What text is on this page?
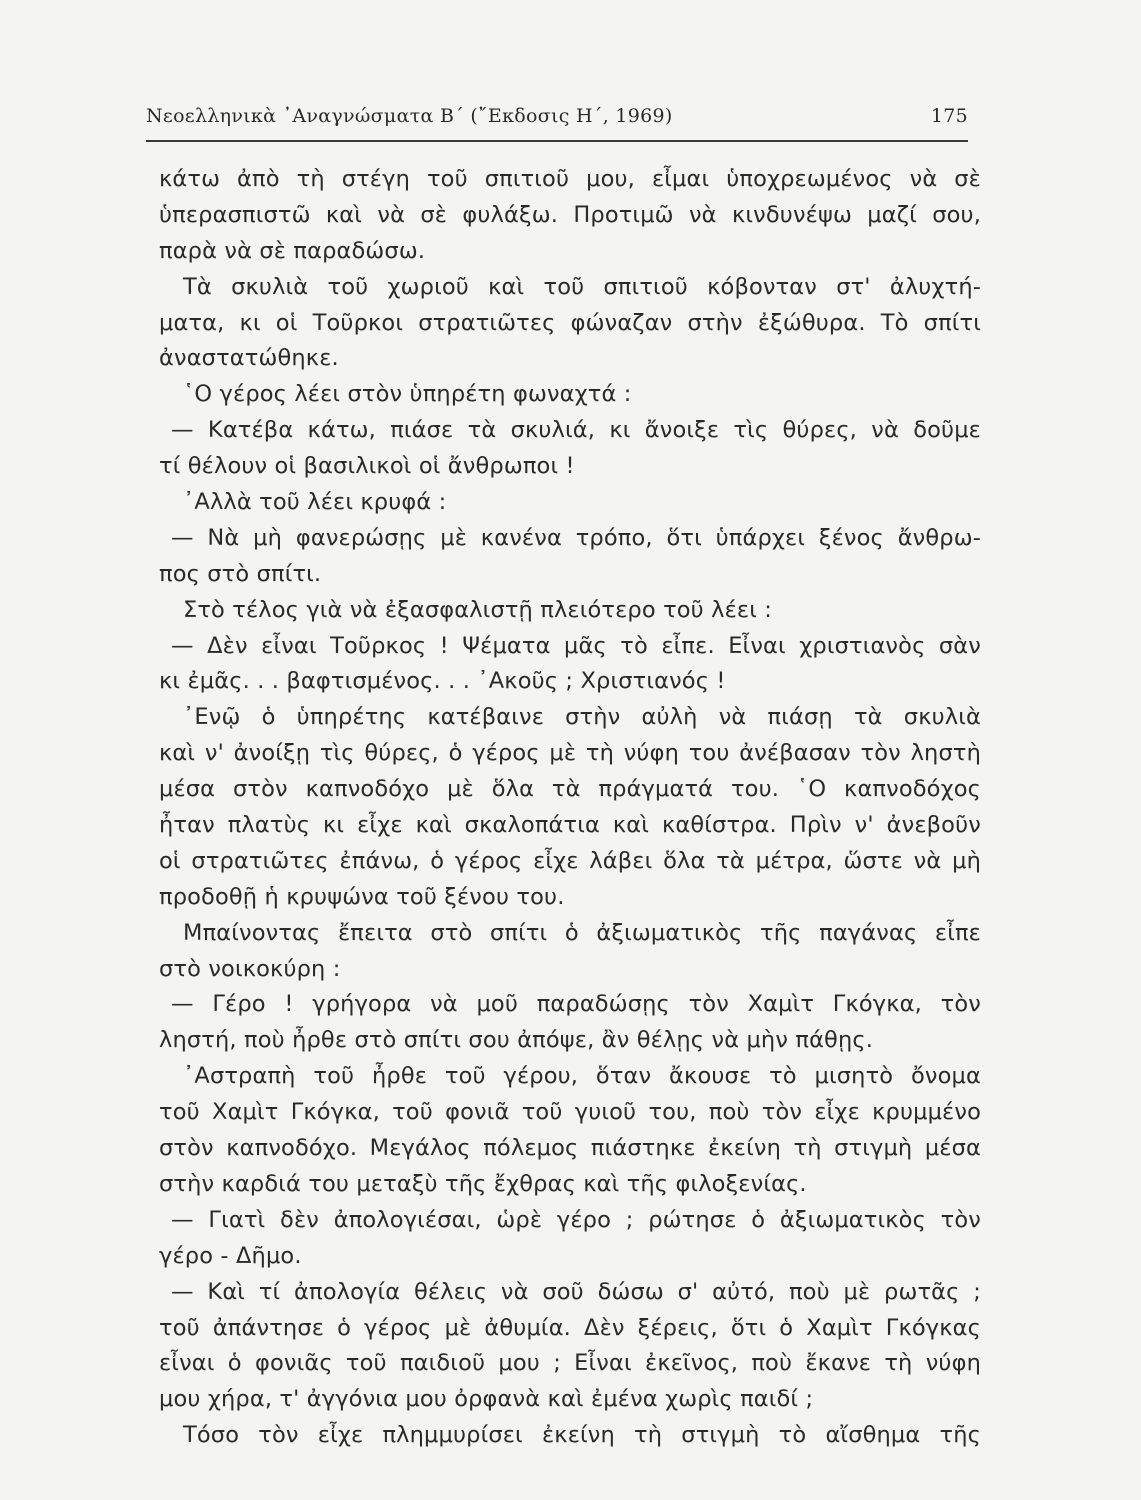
Νεοελληνικὰ ᾿Αναγνώσματα Β΄ (῎Εκδοσις Η΄, 1969)	175
κάτω ἀπὸ τὴ στέγη τοῦ σπιτιοῦ μου, εἶμαι ὑποχρεωμένος νὰ σὲ
ὑπερασπιστῶ καὶ νὰ σὲ φυλάξω. Προτιμῶ νὰ κινδυνέψω μαζί σου,
παρὰ νὰ σὲ παραδώσω.
Τὰ σκυλιὰ τοῦ χωριοῦ καὶ τοῦ σπιτιοῦ κόβονταν στ' ἀλυχτή-
ματα, κι οἱ Τοῦρκοι στρατιῶτες φώναζαν στὴν ἐξώθυρα. Τὸ σπίτι
ἀναστατώθηκε.
῾Ο γέρος λέει στὸν ὑπηρέτη φωναχτά :
— Κατέβα κάτω, πιάσε τὰ σκυλιά, κι ἄνοιξε τὶς θύρες, νὰ δοῦμε
τί θέλουν οἱ βασιλικοὶ οἱ ἄνθρωποι !
᾿Αλλὰ τοῦ λέει κρυφά :
— Νὰ μὴ φανερώσῃς μὲ κανένα τρόπο, ὅτι ὑπάρχει ξένος ἄνθρω-
πος στὸ σπίτι.
Στὸ τέλος γιὰ νὰ ἐξασφαλιστῇ πλειότερο τοῦ λέει :
— Δὲν εἶναι Τοῦρκος ! Ψέματα μᾶς τὸ εἶπε. Εἶναι χριστιανὸς σὰν
κι ἐμᾶς. . . βαφτισμένος. . . ᾿Ακοῦς ; Χριστιανός !
᾿Ενῷ ὁ ὑπηρέτης κατέβαινε στὴν αὐλὴ νὰ πιάσῃ τὰ σκυλιὰ
καὶ ν' ἀνοίξῃ τὶς θύρες, ὁ γέρος μὲ τὴ νύφη του ἀνέβασαν τὸν ληστὴ
μέσα στὸν καπνοδόχο μὲ ὅλα τὰ πράγματά του. ῾Ο καπνοδόχος
ἦταν πλατὺς κι εἶχε καὶ σκαλοπάτια καὶ καθίστρα. Πρὶν ν' ἀνεβοῦν
οἱ στρατιῶτες ἐπάνω, ὁ γέρος εἶχε λάβει ὅλα τὰ μέτρα, ὥστε νὰ μὴ
προδοθῇ ἡ κρυψώνα τοῦ ξένου του.
Μπαίνοντας ἔπειτα στὸ σπίτι ὁ ἀξιωματικὸς τῆς παγάνας εἶπε
στὸ νοικοκύρη :
— Γέρο ! γρήγορα νὰ μοῦ παραδώσῃς τὸν Χαμὶτ Γκόγκα, τὸν
ληστή, ποὺ ἦρθε στὸ σπίτι σου ἀπόψε, ἂν θέλῃς νὰ μὴν πάθῃς.
᾿Αστραπὴ τοῦ ἦρθε τοῦ γέρου, ὅταν ἄκουσε τὸ μισητὸ ὄνομα
τοῦ Χαμὶτ Γκόγκα, τοῦ φονιᾶ τοῦ γυιοῦ του, ποὺ τὸν εἶχε κρυμμένο
στὸν καπνοδόχο. Μεγάλος πόλεμος πιάστηκε ἐκείνη τὴ στιγμὴ μέσα
στὴν καρδιά του μεταξὺ τῆς ἔχθρας καὶ τῆς φιλοξενίας.
— Γιατὶ δὲν ἀπολογιέσαι, ὡρὲ γέρο ; ρώτησε ὁ ἀξιωματικὸς τὸν
γέρο - Δῆμο.
— Καὶ τί ἀπολογία θέλεις νὰ σοῦ δώσω σ' αὐτό, ποὺ μὲ ρωτᾶς ;
τοῦ ἀπάντησε ὁ γέρος μὲ ἀθυμία. Δὲν ξέρεις, ὅτι ὁ Χαμὶτ Γκόγκας
εἶναι ὁ φονιᾶς τοῦ παιδιοῦ μου ; Εἶναι ἐκεῖνος, ποὺ ἔκανε τὴ νύφη
μου χήρα, τ' ἀγγόνια μου ὀρφανὰ καὶ ἐμένα χωρὶς παιδί ;
Τόσο τὸν εἶχε πλημμυρίσει ἐκείνη τὴ στιγμὴ τὸ αἴσθημα τῆς
